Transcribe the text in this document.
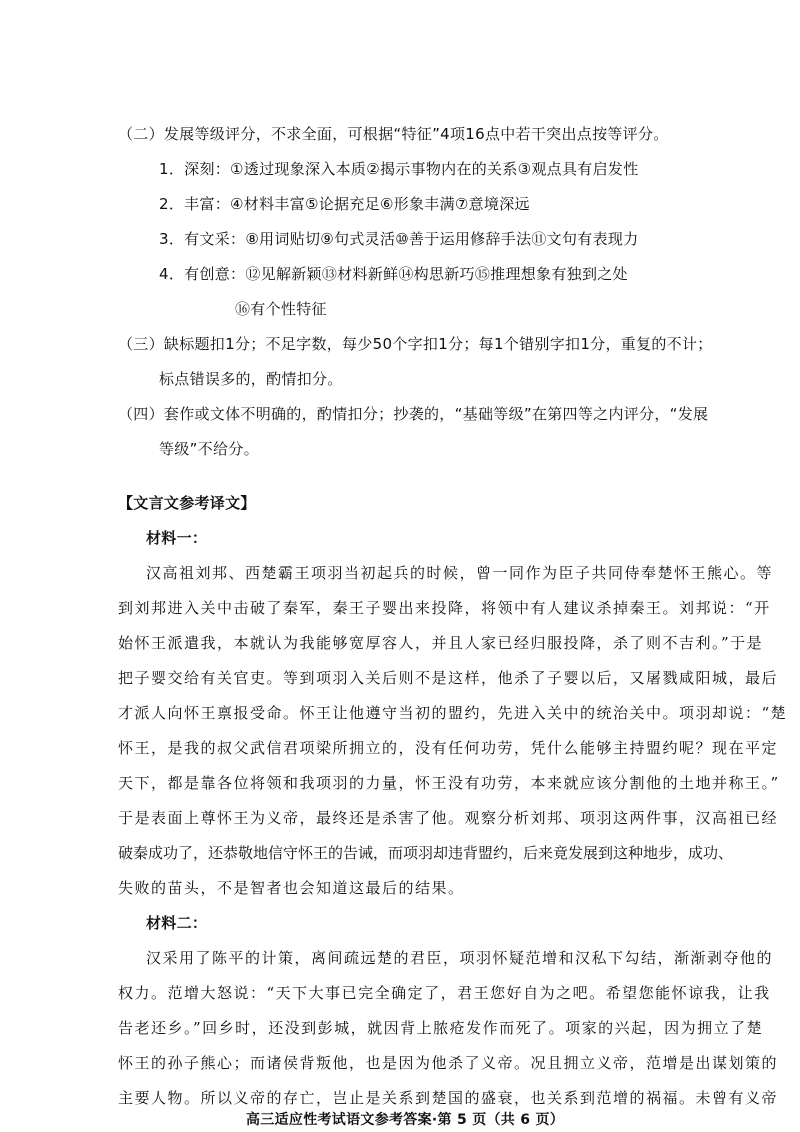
（二）发展等级评分，不求全面，可根据“特征”4项16点中若干突出点按等评分。
1．深刻：①透过现象深入本质②揭示事物内在的关系③观点具有启发性
2．丰富：④材料丰富⑤论据充足⑥形象丰满⑦意境深远
3．有文采：⑧用词贴切⑨句式灵活⑩善于运用修辞手法⑪文句有表现力
4．有创意：⑫见解新颖⑬材料新鲜⑭构思新巧⑮推理想象有独到之处
⑯有个性特征
（三）缺标题扣1分；不足字数，每少50个字扣1分；每1个错别字扣1分，重复的不计；
标点错误多的，酌情扣分。
（四）套作或文体不明确的，酌情扣分；抄袭的，“基础等级”在第四等之内评分，“发展
等级”不给分。
【文言文参考译文】
材料一：
汉高祖刘邦、西楚霸王项羽当初起兵的时候，曾一同作为臣子共同侍奉楚怀王熊心。等
到刘邦进入关中击破了秦军，秦王子婴出来投降，将领中有人建议杀掉秦王。刘邦说：“开
始怀王派遣我，本就认为我能够宽厚容人，并且人家已经归服投降，杀了则不吉利。”于是
把子婴交给有关官吏。等到项羽入关后则不是这样，他杀了子婴以后，又屠戮咸阳城，最后
才派人向怀王禀报受命。怀王让他遵守当初的盟约，先进入关中的统治关中。项羽却说：“楚
怀王，是我的叔父武信君项梁所拥立的，没有任何功劳，凭什么能够主持盟约呢？现在平定
天下，都是靠各位将领和我项羽的力量，怀王没有功劳，本来就应该分割他的土地并称王。”
于是表面上尊怀王为义帝，最终还是杀害了他。观察分析刘邦、项羽这两件事，汉高祖已经
破秦成功了，还恭敬地信守怀王的告诫，而项羽却违背盟约，后来竟发展到这种地步，成功、
失败的苗头，不是智者也会知道这最后的结果。
材料二：
汉采用了陈平的计策，离间疏远楚的君臣，项羽怀疑范增和汉私下勾结，渐渐剥夺他的
权力。范增大怒说：“天下大事已完全确定了，君王您好自为之吧。希望您能怀谅我，让我
告老还乡。”回乡时，还没到彭城，就因背上脓疮发作而死了。项家的兴起，因为拥立了楚
怀王的孙子熊心；而诸侯背叛他，也是因为他杀了义帝。况且拥立义帝，范增是出谋划策的
主要人物。所以义帝的存亡，岂止是关系到楚国的盛衰，也关系到范增的祸福。未曾有义帝
高三适应性考试语文参考答案·第 5 页（共 6 页）
